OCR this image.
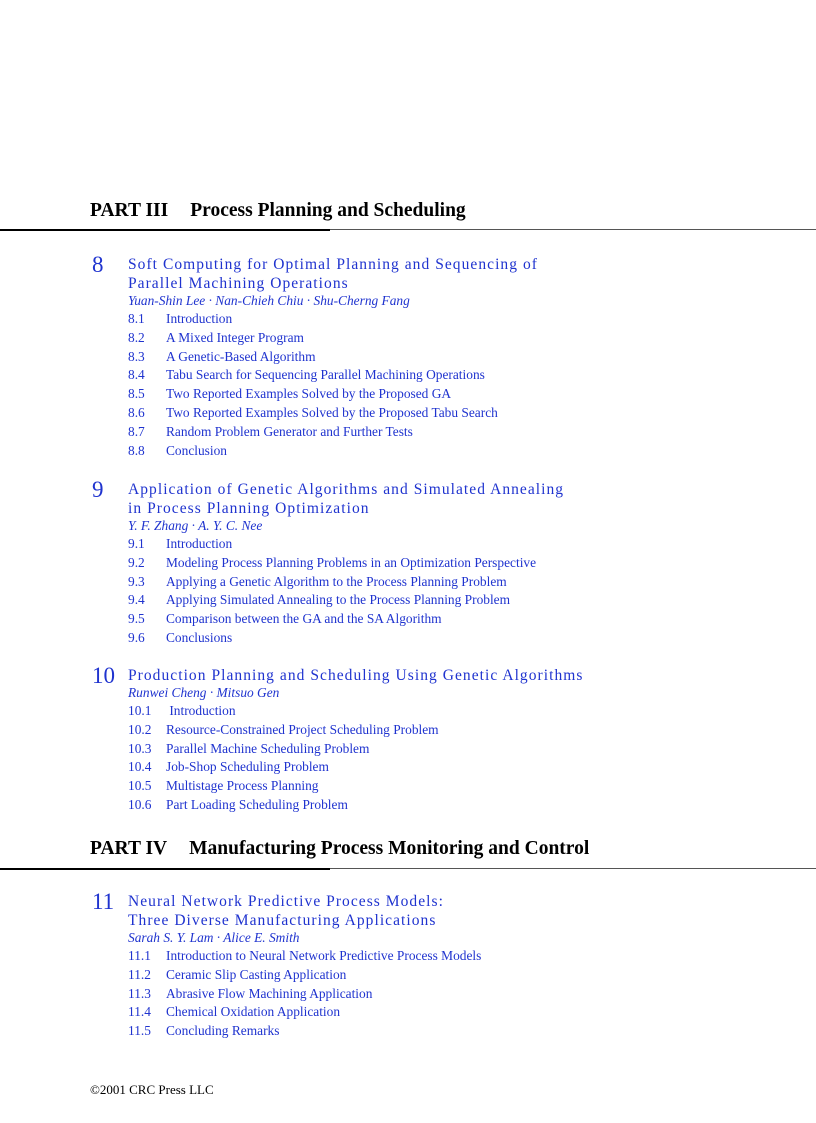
PART III Process Planning and Scheduling
8 Soft Computing for Optimal Planning and Sequencing of
Parallel Machining Operations
Yuan-Shin Lee · Nan-Chieh Chiu · Shu-Cherng Fang
8.1 Introduction
8.2 A Mixed Integer Program
8.3 A Genetic-Based Algorithm
8.4 Tabu Search for Sequencing Parallel Machining Operations
8.5 Two Reported Examples Solved by the Proposed GA
8.6 Two Reported Examples Solved by the Proposed Tabu Search
8.7 Random Problem Generator and Further Tests
8.8 Conclusion
9 Application of Genetic Algorithms and Simulated Annealing
in Process Planning Optimization
Y. F. Zhang · A. Y. C. Nee
9.1 Introduction
9.2 Modeling Process Planning Problems in an Optimization Perspective
9.3 Applying a Genetic Algorithm to the Process Planning Problem
9.4 Applying Simulated Annealing to the Process Planning Problem
9.5 Comparison between the GA and the SA Algorithm
9.6 Conclusions
10 Production Planning and Scheduling Using Genetic Algorithms
Runwei Cheng · Mitsuo Gen
10.1 Introduction
10.2 Resource-Constrained Project Scheduling Problem
10.3 Parallel Machine Scheduling Problem
10.4 Job-Shop Scheduling Problem
10.5 Multistage Process Planning
10.6 Part Loading Scheduling Problem
PART IV Manufacturing Process Monitoring and Control
11 Neural Network Predictive Process Models:
Three Diverse Manufacturing Applications
Sarah S. Y. Lam · Alice E. Smith
11.1 Introduction to Neural Network Predictive Process Models
11.2 Ceramic Slip Casting Application
11.3 Abrasive Flow Machining Application
11.4 Chemical Oxidation Application
11.5 Concluding Remarks
©2001 CRC Press LLC
